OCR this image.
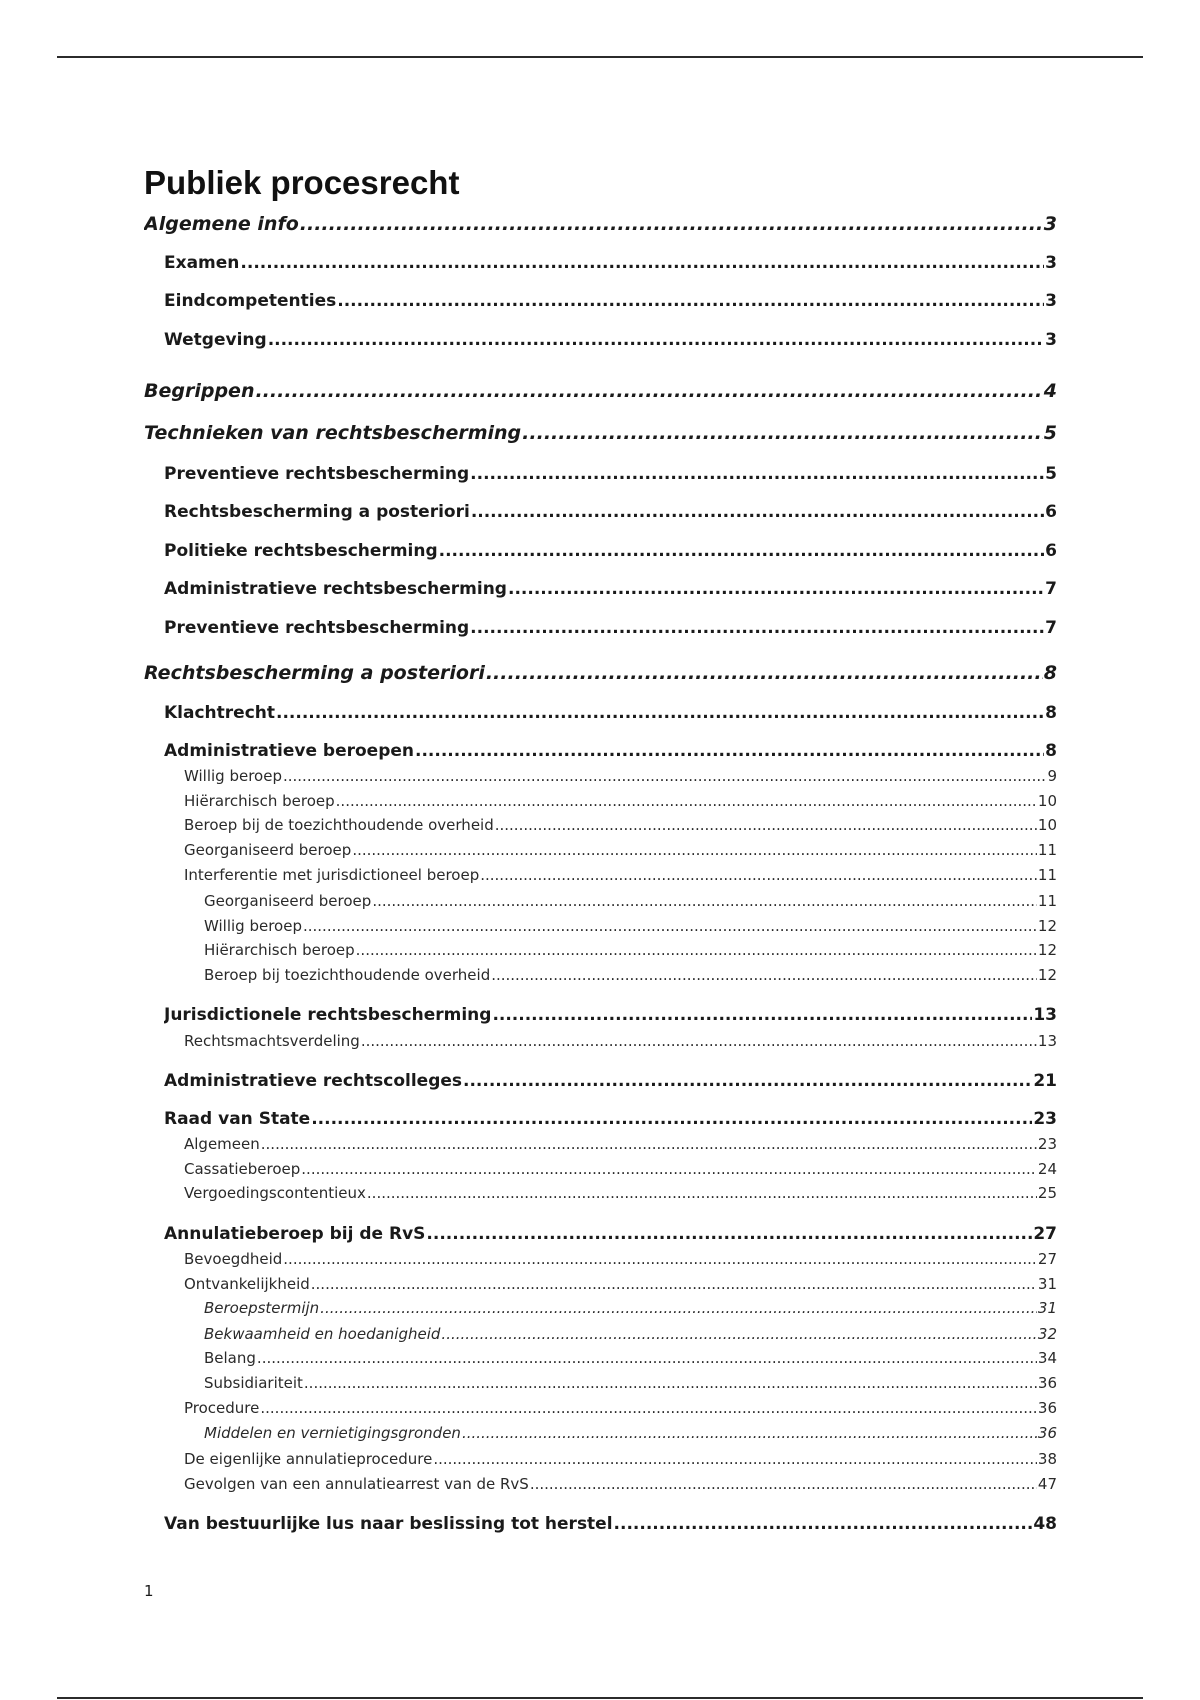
Publiek procesrecht
Algemene info .....	3
Examen .....	3
Eindcompetenties .....	3
Wetgeving .....	3
Begrippen .....	4
Technieken van rechtsbescherming .....	5
Preventieve rechtsbescherming .....	5
Rechtsbescherming a posteriori .....	6
Politieke rechtsbescherming .....	6
Administratieve rechtsbescherming .....	7
Preventieve rechtsbescherming .....	7
Rechtsbescherming a posteriori .....	8
Klachtrecht .....	8
Administratieve beroepen .....	8
Willig beroep .....	9
Hiërarchisch beroep .....	10
Beroep bij de toezichthoudende overheid .....	10
Georganiseerd beroep .....	11
Interferentie met jurisdictioneel beroep .....	11
Georganiseerd beroep .....	11
Willig beroep .....	12
Hiërarchisch beroep .....	12
Beroep bij toezichthoudende overheid .....	12
Jurisdictionele rechtsbescherming .....	13
Rechtsmachtsverdeling .....	13
Administratieve rechtscolleges .....	21
Raad van State .....	23
Algemeen .....	23
Cassatieberoep .....	24
Vergoedingscontentieux .....	25
Annulatieberoep bij de RvS .....	27
Bevoegdheid .....	27
Ontvankelijkheid .....	31
Beroepstermijn .....	31
Bekwaamheid en hoedanigheid .....	32
Belang .....	34
Subsidiariteit .....	36
Procedure .....	36
Middelen en vernietigingsgronden .....	36
De eigenlijke annulatieprocedure .....	38
Gevolgen van een annulatiearrest van de RvS .....	47
Van bestuurlijke lus naar beslissing tot herstel .....	48
1
